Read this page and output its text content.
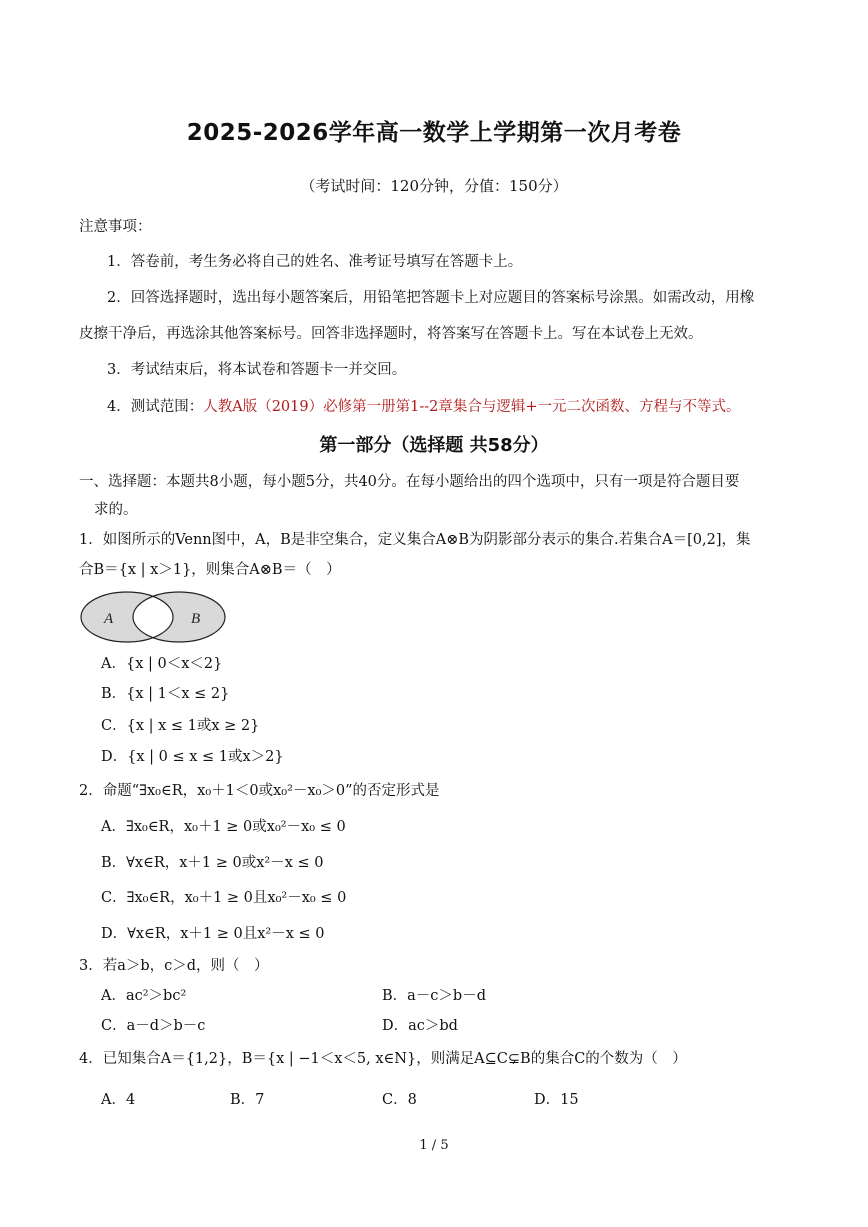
2025-2026学年高一数学上学期第一次月考卷
（考试时间：120分钟，分值：150分）
注意事项：
1．答卷前，考生务必将自己的姓名、准考证号填写在答题卡上。
2．回答选择题时，选出每小题答案后，用铅笔把答题卡上对应题目的答案标号涂黑。如需改动，用橡
皮擦干净后，再选涂其他答案标号。回答非选择题时，将答案写在答题卡上。写在本试卷上无效。
3．考试结束后，将本试卷和答题卡一并交回。
4．测试范围：人教A版（2019）必修第一册第1--2章集合与逻辑+一元二次函数、方程与不等式。
第一部分（选择题 共58分）
一、选择题：本题共8小题，每小题5分，共40分。在每小题给出的四个选项中，只有一项是符合题目要
求的。
1．如图所示的Venn图中，A，B是非空集合，定义集合A⊗B为阴影部分表示的集合.若集合A＝[0,2]，集
合B＝{x | x＞1}，则集合A⊗B＝（　）
A	B
A．{x | 0＜x＜2}
B．{x | 1＜x ≤ 2}
C．{x | x ≤ 1或x ≥ 2}
D．{x | 0 ≤ x ≤ 1或x＞2}
2．命题“∃x₀∈R，x₀＋1＜0或x₀²－x₀＞0”的否定形式是
A．∃x₀∈R，x₀＋1 ≥ 0或x₀²－x₀ ≤ 0
B．∀x∈R，x＋1 ≥ 0或x²－x ≤ 0
C．∃x₀∈R，x₀＋1 ≥ 0且x₀²－x₀ ≤ 0
D．∀x∈R，x＋1 ≥ 0且x²－x ≤ 0
3．若a＞b，c＞d，则（　）
A．ac²＞bc²	B．a－c＞b－d
C．a－d＞b－c	D．ac＞bd
4．已知集合A＝{1,2}，B＝{x | −1＜x＜5, x∈N}，则满足A⊆C⊊B的集合C的个数为（　）
A．4	B．7	C．8	D．15
1 / 5
